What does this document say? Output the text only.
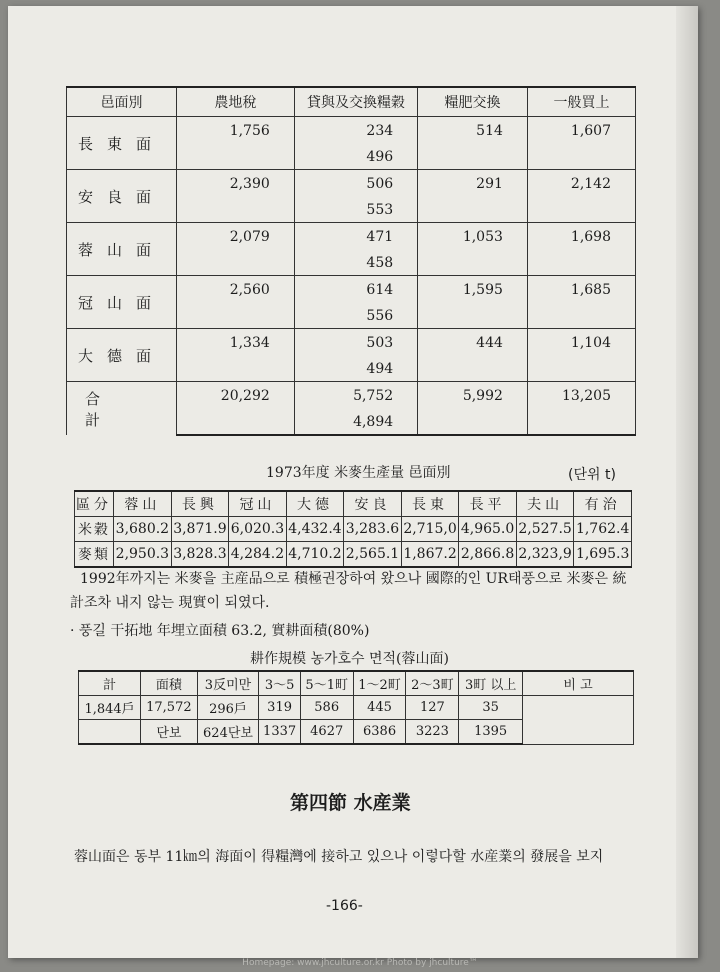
邑面別	農地稅	貸與及交換糧穀	糧肥交換	一般買上
長東面	1,756	234	514	1,607
		496		
安良面	2,390	506	291	2,142
		553		
蓉山面	2,079	471	1,053	1,698
		458		
冠山面	2,560	614	1,595	1,685
		556		
大德面	1,334	503	444	1,104
		494		
合計	20,292	5,752	5,992	13,205
		4,894		
1973年度 米麥生產量 邑面別	(단위 t)
區分	蓉山	長興	冠山	大德	安良	長東	長平	夫山	有治
米穀	3,680.2	3,871.9	6,020.3	4,432.4	3,283.6	2,715,0	4,965.0	2,527.5	1,762.4
麥類	2,950.3	3,828.3	4,284.2	4,710.2	2,565.1	1,867.2	2,866.8	2,323,9	1,695.3
1992年까지는 米麥을 主産品으로 積極권장하여 왔으나 國際的인 UR태풍으로 米麥은 統
計조차 내지 않는 現實이 되였다.
· 풍길 干拓地 年埋立面積 63.2, 實耕面積(80%)
耕作規模 농가호수 면적(蓉山面)
計	面積	3反미만	3～5	5～1町	1～2町	2～3町	3町 以上	비 고
1,844戶	17,572	296戶	319	586	445	127	35	
	단보	624단보	1337	4627	6386	3223	1395	
第四節 水産業
蓉山面은 동부 11㎞의 海面이 得糧灣에 接하고 있으나 이렇다할 水産業의 發展을 보지
-166-
Homepage: www.jhculture.or.kr Photo by jhculture™
